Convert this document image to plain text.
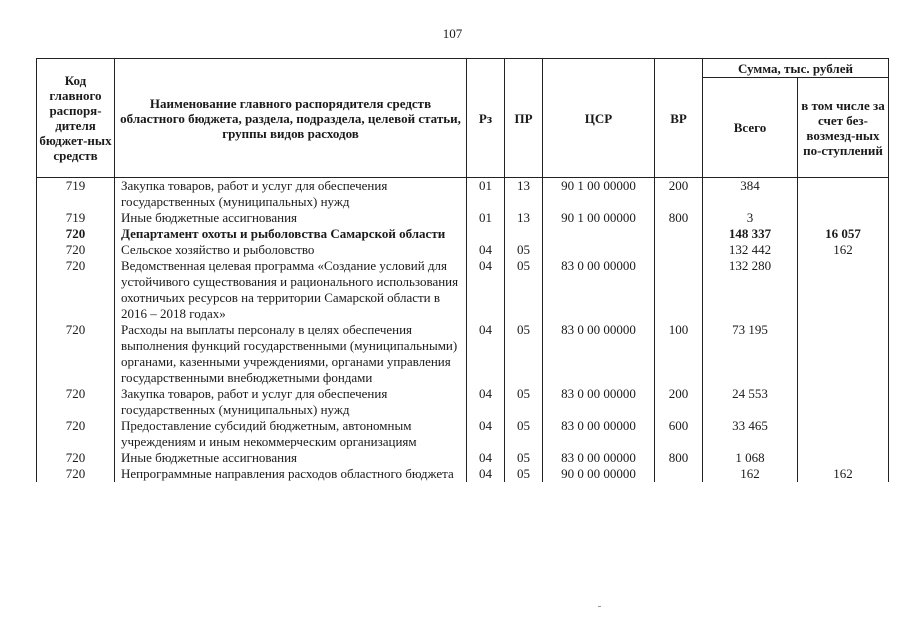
107
Код главного распоря-дителя бюджет-ных средств	Наименование главного распорядителя средств областного бюджета, раздела, подраздела, целевой статьи, группы видов расходов	Рз	ПР	ЦСР	ВР	Сумма, тыс. рублей	
						Всего	в том числе за счет без-возмезд-ных по-ступлений
719	Закупка товаров, работ и услуг для обеспечения государственных (муниципальных) нужд	01	13	90 1 00 00000	200	384	
719	Иные бюджетные ассигнования	01	13	90 1 00 00000	800	3	
720	Департамент охоты и рыболовства Самарской области					148 337	16 057
720	Сельское хозяйство и рыболовство	04	05			132 442	162
720	Ведомственная целевая программа «Создание условий для устойчивого существования и рационального использования охотничьих ресурсов на территории Самарской области в 2016 – 2018 годах»	04	05	83 0 00 00000		132 280	
720	Расходы на выплаты персоналу в целях обеспечения выполнения функций государственными (муниципальными) органами, казенными учреждениями, органами управления государственными внебюджетными фондами	04	05	83 0 00 00000	100	73 195	
720	Закупка товаров, работ и услуг для обеспечения государственных (муниципальных) нужд	04	05	83 0 00 00000	200	24 553	
720	Предоставление субсидий бюджетным, автономным учреждениям и иным некоммерческим организациям	04	05	83 0 00 00000	600	33 465	
720	Иные бюджетные ассигнования	04	05	83 0 00 00000	800	1 068	
720	Непрограммные направления расходов областного бюджета	04	05	90 0 00 00000		162	162
